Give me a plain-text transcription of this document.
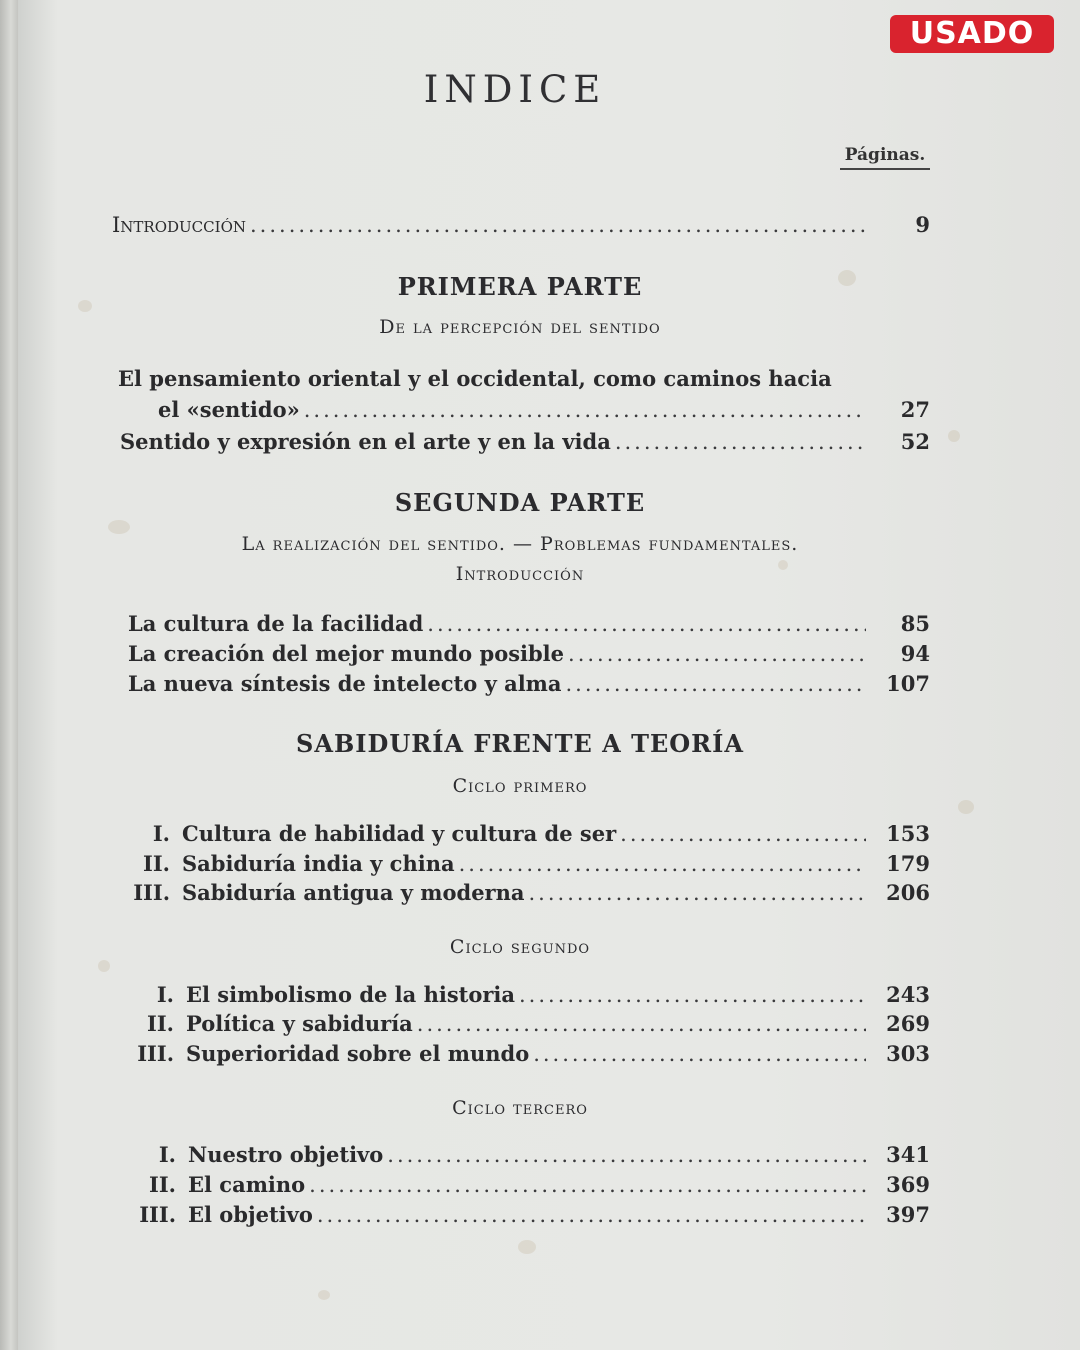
USADO
INDICE
Páginas.
Introducción .....	9
PRIMERA PARTE
De la percepción del sentido
El pensamiento oriental y el occidental, como caminos hacia
el «sentido» .....	27
Sentido y expresión en el arte y en la vida .....	52
SEGUNDA PARTE
La realización del sentido. — Problemas fundamentales.
Introducción
La cultura de la facilidad .....	85
La creación del mejor mundo posible .....	94
La nueva síntesis de intelecto y alma .....	107
SABIDURÍA FRENTE A TEORÍA
Ciclo primero
I. Cultura de habilidad y cultura de ser .....	153
II. Sabiduría india y china .....	179
III. Sabiduría antigua y moderna .....	206
Ciclo segundo
I. El simbolismo de la historia .....	243
II. Política y sabiduría .....	269
III. Superioridad sobre el mundo .....	303
Ciclo tercero
I. Nuestro objetivo .....	341
II. El camino .....	369
III. El objetivo .....	397
